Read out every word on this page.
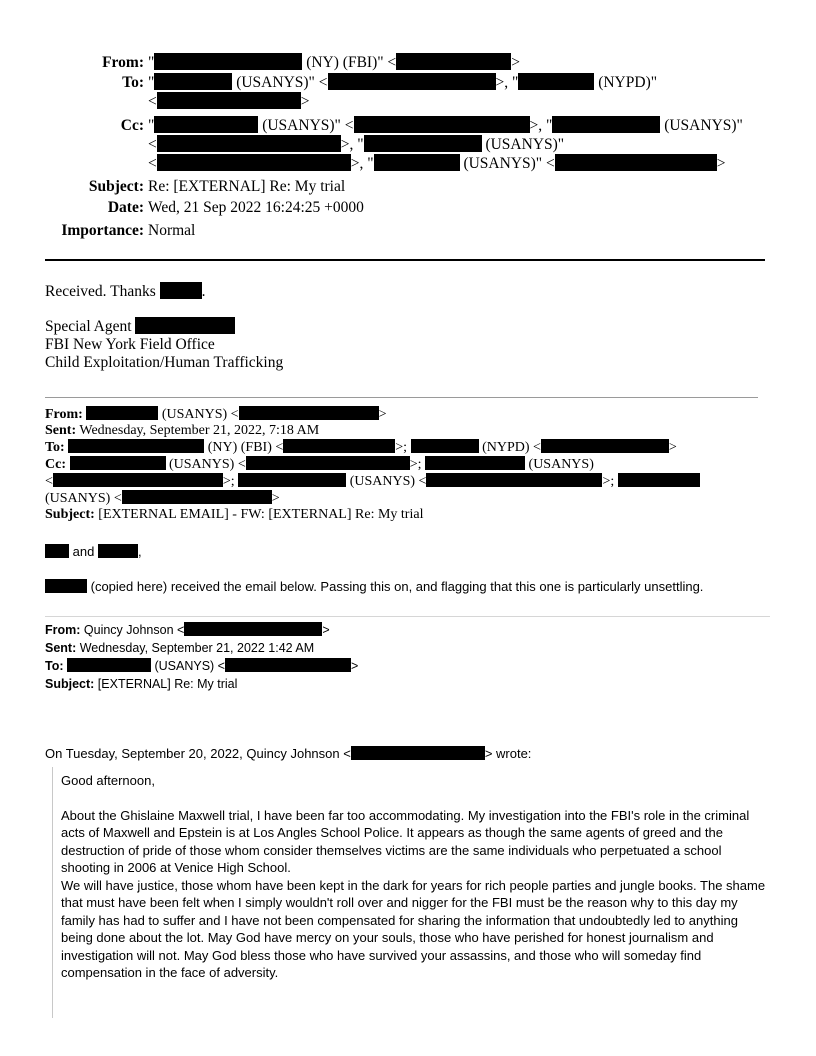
From: "	(NY) (FBI)" <	>
To: "	(USANYS)" <	>, "	(NYPD)"
<	>
Cc: "	(USANYS)" <	>, "	(USANYS)"
<	>, "	(USANYS)"
<	>, "	(USANYS)" <	>
Subject: Re: [EXTERNAL] Re: My trial
Date: Wed, 21 Sep 2022 16:24:25 +0000
Importance: Normal
Received. Thanks	.
Special Agent
FBI New York Field Office
Child Exploitation/Human Trafficking
From:	(USANYS) <	>
Sent: Wednesday, September 21, 2022, 7:18 AM
To:	(NY) (FBI) <	>;	(NYPD) <	>
Cc:	(USANYS) <	>;	(USANYS)
<	>;	(USANYS) <	>;
(USANYS) <	>
Subject: [EXTERNAL EMAIL] - FW: [EXTERNAL] Re: My trial
and	,
(copied here) received the email below. Passing this on, and flagging that this one is particularly unsettling.
From: Quincy Johnson <	>
Sent: Wednesday, September 21, 2022 1:42 AM
To:	(USANYS) <	>
Subject: [EXTERNAL] Re: My trial
On Tuesday, September 20, 2022, Quincy Johnson <	> wrote:

Good afternoon,

About the Ghislaine Maxwell trial, I have been far too accommodating. My investigation into the FBI's role in the criminal acts of Maxwell and Epstein is at Los Angles School Police. It appears as though the same agents of greed and the destruction of pride of those whom consider themselves victims are the same individuals who perpetuated a school shooting in 2006 at Venice High School.

We will have justice, those whom have been kept in the dark for years for rich people parties and jungle books. The shame that must have been felt when I simply wouldn't roll over and nigger for the FBI must be the reason why to this day my family has had to suffer and I have not been compensated for sharing the information that undoubtedly led to anything being done about the lot. May God have mercy on your souls, those who have perished for honest journalism and investigation will not. May God bless those who have survived your assassins, and those who will someday find compensation in the face of adversity.
